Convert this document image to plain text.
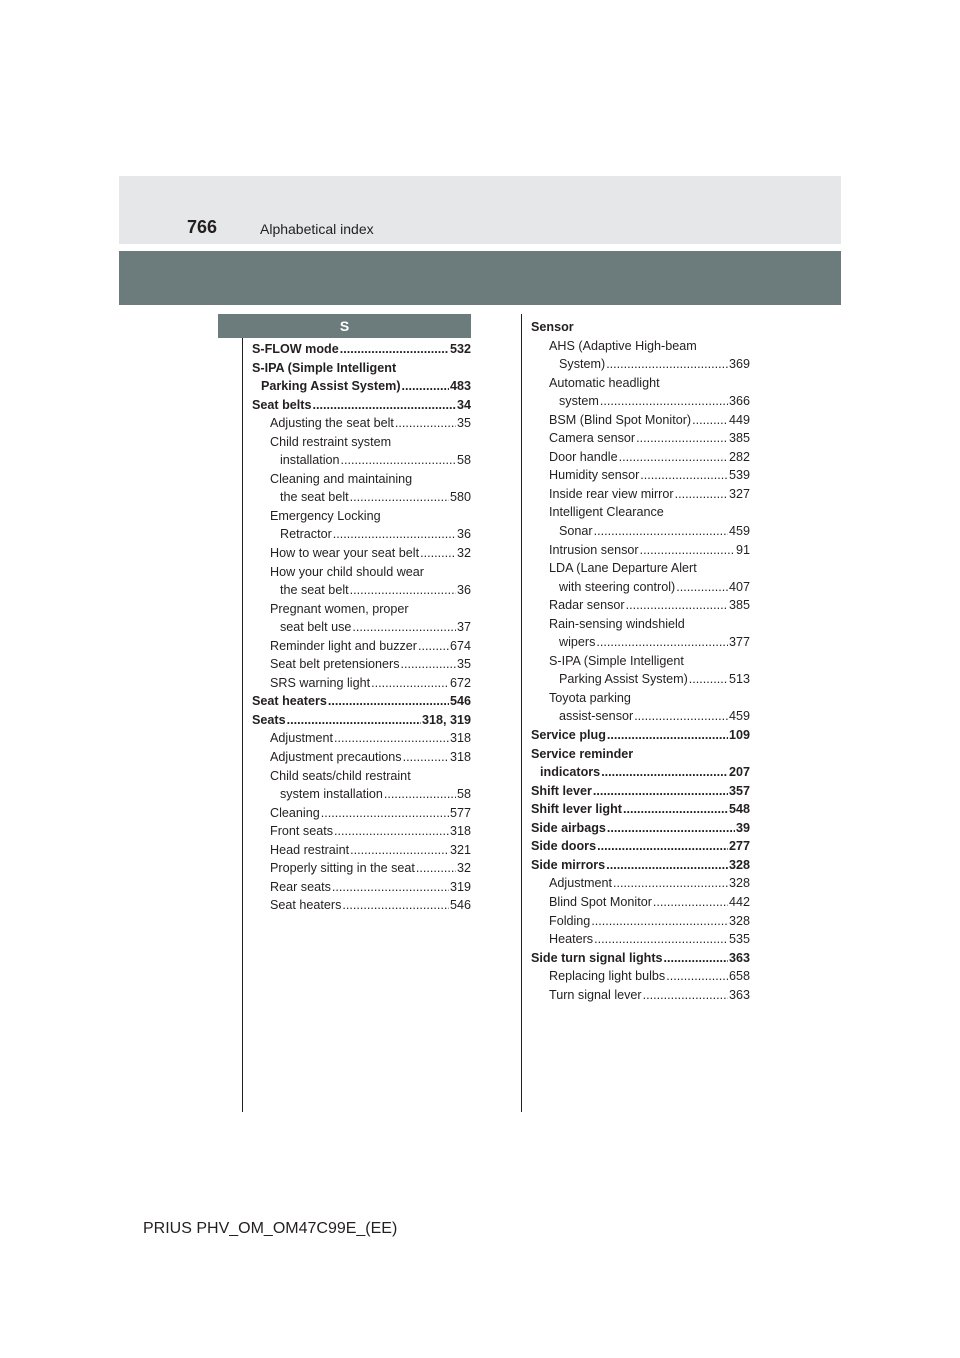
766	Alphabetical index
S
S-FLOW mode .....	532
S-IPA (Simple Intelligent
Parking Assist System) .....	483
Seat belts .....	34
Adjusting the seat belt .....	35
Child restraint system
installation .....	58
Cleaning and maintaining
the seat belt .....	580
Emergency Locking
Retractor .....	36
How to wear your seat belt .....	32
How your child should wear
the seat belt .....	36
Pregnant women, proper
seat belt use .....	37
Reminder light and buzzer .....	674
Seat belt pretensioners .....	35
SRS warning light .....	672
Seat heaters .....	546
Seats .....	318, 319
Adjustment .....	318
Adjustment precautions .....	318
Child seats/child restraint
system installation .....	58
Cleaning .....	577
Front seats .....	318
Head restraint .....	321
Properly sitting in the seat .....	32
Rear seats .....	319
Seat heaters .....	546
Sensor
AHS (Adaptive High-beam
System) .....	369
Automatic headlight
system .....	366
BSM (Blind Spot Monitor) .....	449
Camera sensor .....	385
Door handle .....	282
Humidity sensor .....	539
Inside rear view mirror .....	327
Intelligent Clearance
Sonar .....	459
Intrusion sensor .....	91
LDA (Lane Departure Alert
with steering control) .....	407
Radar sensor .....	385
Rain-sensing windshield
wipers .....	377
S-IPA (Simple Intelligent
Parking Assist System) .....	513
Toyota parking
assist-sensor .....	459
Service plug .....	109
Service reminder
indicators .....	207
Shift lever .....	357
Shift lever light .....	548
Side airbags .....	39
Side doors .....	277
Side mirrors .....	328
Adjustment .....	328
Blind Spot Monitor .....	442
Folding .....	328
Heaters .....	535
Side turn signal lights .....	363
Replacing light bulbs .....	658
Turn signal lever .....	363
PRIUS PHV_OM_OM47C99E_(EE)
